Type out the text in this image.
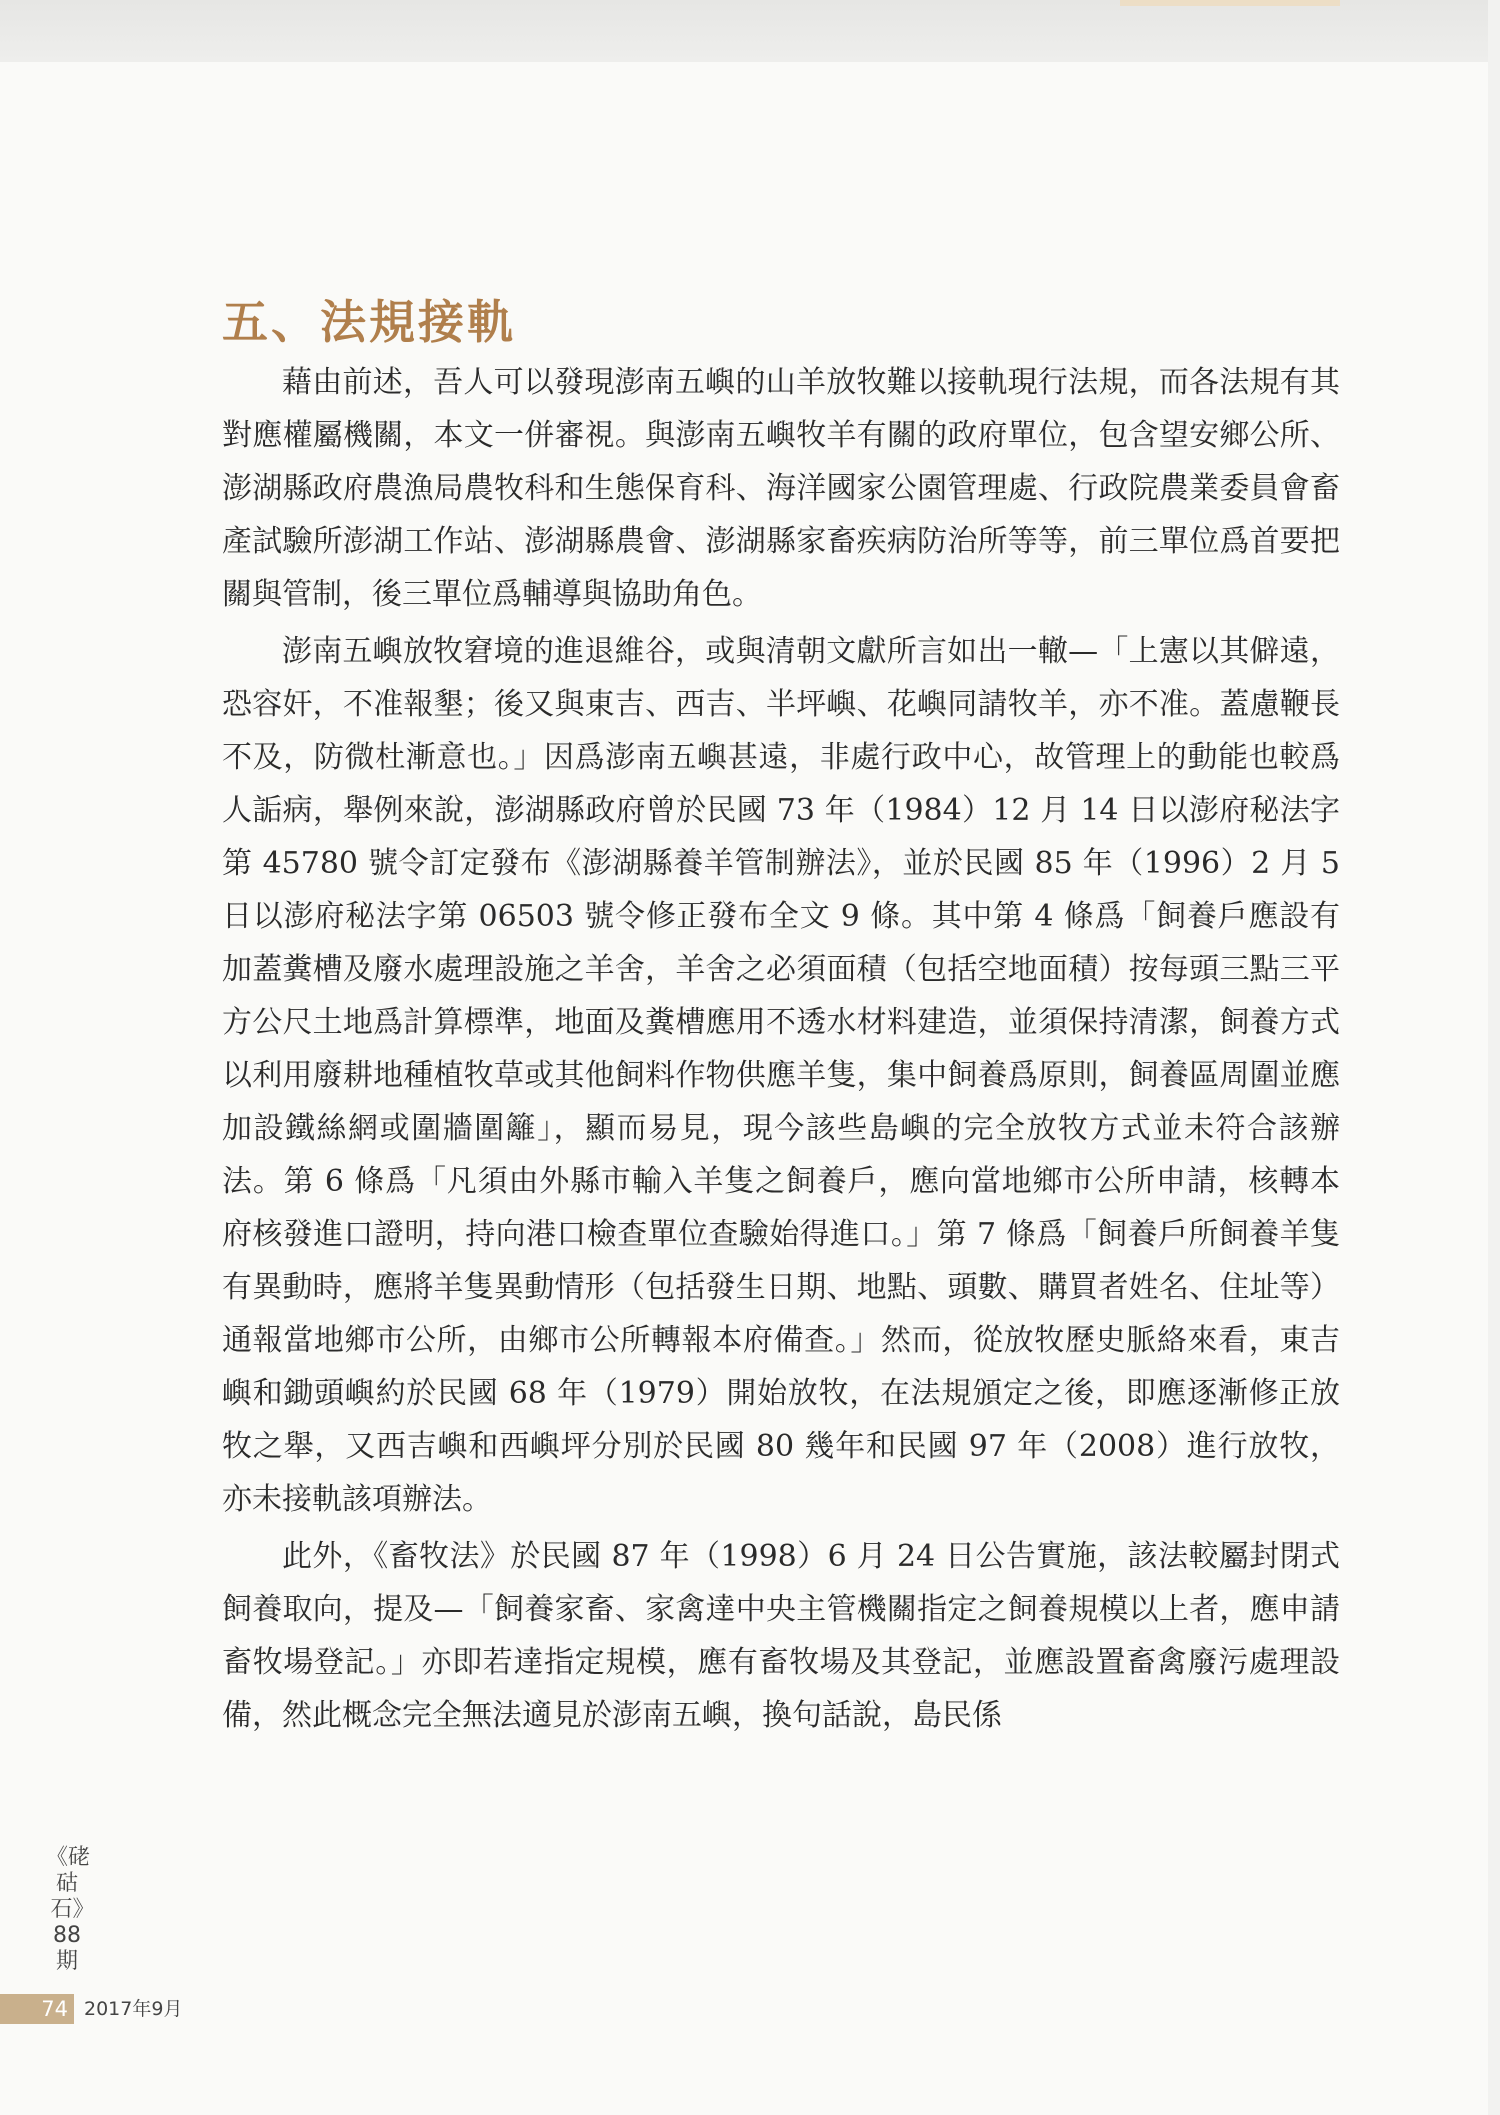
五、法規接軌

藉由前述，吾人可以發現澎南五嶼的山羊放牧難以接軌現行法規，而各法規有其對應權屬機關，本文一併審視。與澎南五嶼牧羊有關的政府單位，包含望安鄉公所、澎湖縣政府農漁局農牧科和生態保育科、海洋國家公園管理處、行政院農業委員會畜產試驗所澎湖工作站、澎湖縣農會、澎湖縣家畜疾病防治所等等，前三單位爲首要把關與管制，後三單位爲輔導與協助角色。

澎南五嶼放牧窘境的進退維谷，或與清朝文獻所言如出一轍—「上憲以其僻遠，恐容奸，不准報墾；後又與東吉、西吉、半坪嶼、花嶼同請牧羊，亦不准。蓋慮鞭長不及，防微杜漸意也。」因爲澎南五嶼甚遠，非處行政中心，故管理上的動能也較爲人詬病，舉例來說，澎湖縣政府曾於民國 73 年（1984）12 月 14 日以澎府秘法字第 45780 號令訂定發布《澎湖縣養羊管制辦法》，並於民國 85 年（1996）2 月 5 日以澎府秘法字第 06503 號令修正發布全文 9 條。其中第 4 條爲「飼養戶應設有加蓋糞槽及廢水處理設施之羊舍，羊舍之必須面積（包括空地面積）按每頭三點三平方公尺土地爲計算標準，地面及糞槽應用不透水材料建造，並須保持清潔，飼養方式以利用廢耕地種植牧草或其他飼料作物供應羊隻，集中飼養爲原則，飼養區周圍並應加設鐵絲網或圍牆圍籬」，顯而易見，現今該些島嶼的完全放牧方式並未符合該辦法。第 6 條爲「凡須由外縣市輸入羊隻之飼養戶，應向當地鄉市公所申請，核轉本府核發進口證明，持向港口檢查單位查驗始得進口。」第 7 條爲「飼養戶所飼養羊隻有異動時，應將羊隻異動情形（包括發生日期、地點、頭數、購買者姓名、住址等）通報當地鄉市公所，由鄉市公所轉報本府備查。」然而，從放牧歷史脈絡來看，東吉嶼和鋤頭嶼約於民國 68 年（1979）開始放牧，在法規頒定之後，即應逐漸修正放牧之舉，又西吉嶼和西嶼坪分別於民國 80 幾年和民國 97 年（2008）進行放牧，亦未接軌該項辦法。

此外，《畜牧法》於民國 87 年（1998）6 月 24 日公告實施，該法較屬封閉式飼養取向，提及—「飼養家畜、家禽達中央主管機關指定之飼養規模以上者，應申請畜牧場登記。」亦即若達指定規模，應有畜牧場及其登記，並應設置畜禽廢污處理設備，然此概念完全無法適見於澎南五嶼，換句話說，島民係

《硓𥑮石》88期
74 2017年9月
